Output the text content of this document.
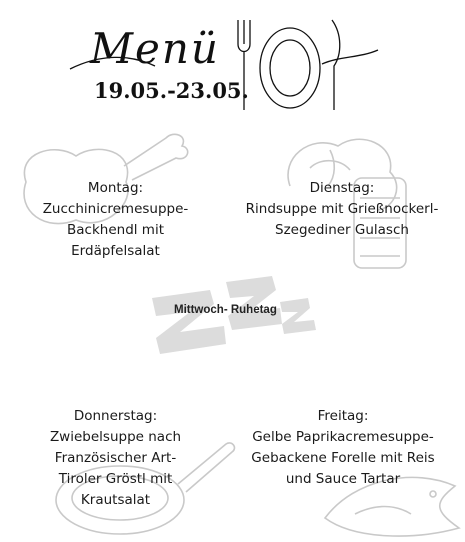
Menü
19.05.-23.05.
Montag:
Zucchinicremesuppe-
Backhendl mit
Erdäpfelsalat
Dienstag:
Rindsuppe mit Grießnockerl-
Szegediner Gulasch
Mittwoch- Ruhetag
Donnerstag:
Zwiebelsuppe nach
Französischer Art-
Tiroler Gröstl mit
Krautsalat
Freitag:
Gelbe Paprikacremesuppe-
Gebackene Forelle mit Reis
und Sauce Tartar
